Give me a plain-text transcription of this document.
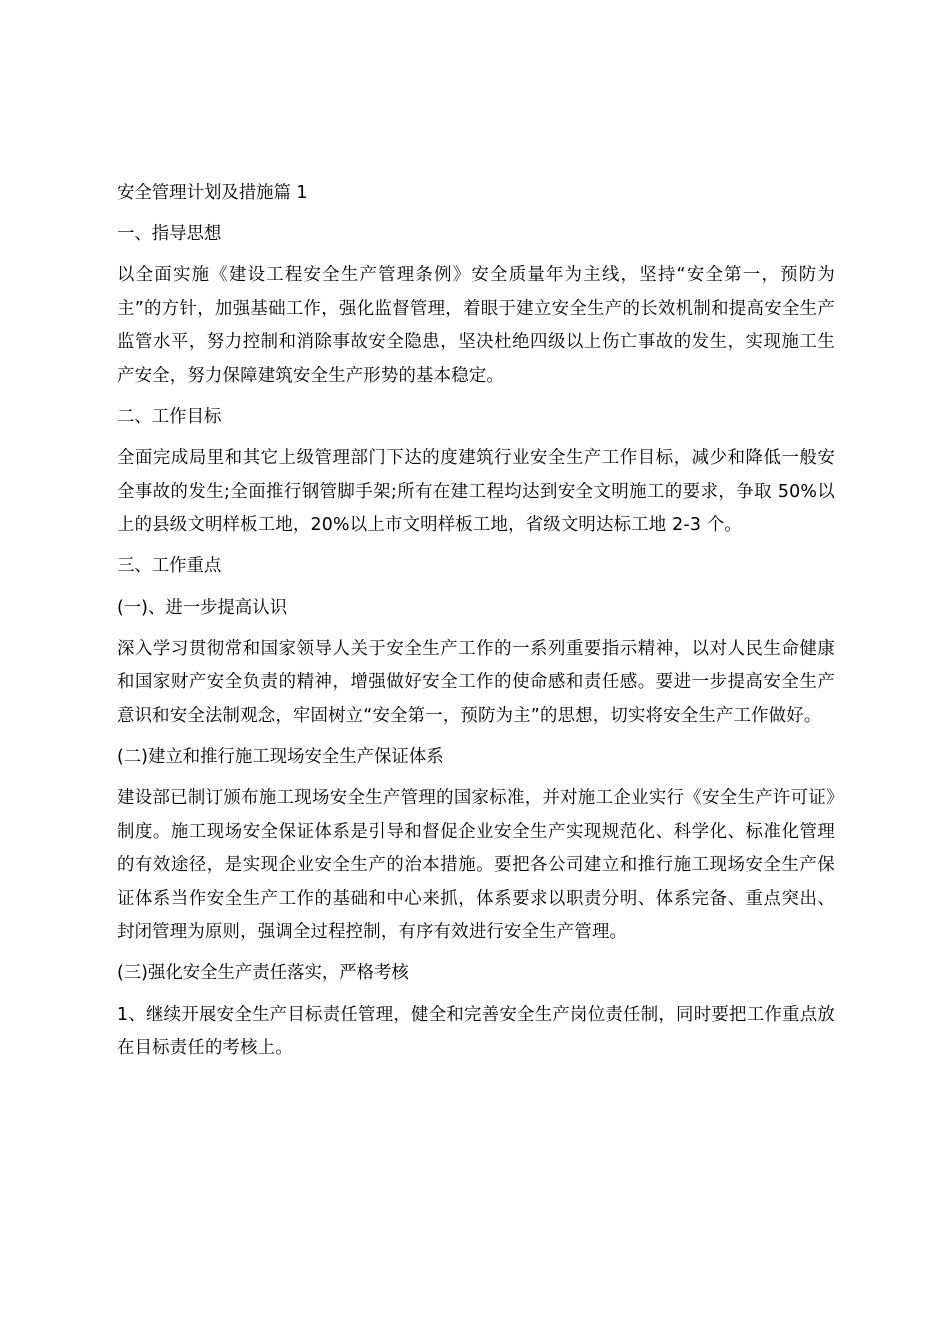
安全管理计划及措施篇 1

一、指导思想

以全面实施《建设工程安全生产管理条例》安全质量年为主线，坚持“安全第一，预防为主”的方针，加强基础工作，强化监督管理，着眼于建立安全生产的长效机制和提高安全生产监管水平，努力控制和消除事故安全隐患，坚决杜绝四级以上伤亡事故的发生，实现施工生产安全，努力保障建筑安全生产形势的基本稳定。

二、工作目标

全面完成局里和其它上级管理部门下达的度建筑行业安全生产工作目标，减少和降低一般安全事故的发生;全面推行钢管脚手架;所有在建工程均达到安全文明施工的要求，争取 50%以上的县级文明样板工地，20%以上市文明样板工地，省级文明达标工地 2-3 个。

三、工作重点

(一)、进一步提高认识

深入学习贯彻常和国家领导人关于安全生产工作的一系列重要指示精神，以对人民生命健康和国家财产安全负责的精神，增强做好安全工作的使命感和责任感。要进一步提高安全生产意识和安全法制观念，牢固树立“安全第一，预防为主”的思想，切实将安全生产工作做好。

(二)建立和推行施工现场安全生产保证体系

建设部已制订颁布施工现场安全生产管理的国家标准，并对施工企业实行《安全生产许可证》制度。施工现场安全保证体系是引导和督促企业安全生产实现规范化、科学化、标准化管理的有效途径，是实现企业安全生产的治本措施。要把各公司建立和推行施工现场安全生产保证体系当作安全生产工作的基础和中心来抓，体系要求以职责分明、体系完备、重点突出、封闭管理为原则，强调全过程控制，有序有效进行安全生产管理。

(三)强化安全生产责任落实，严格考核

1、继续开展安全生产目标责任管理，健全和完善安全生产岗位责任制，同时要把工作重点放在目标责任的考核上。
